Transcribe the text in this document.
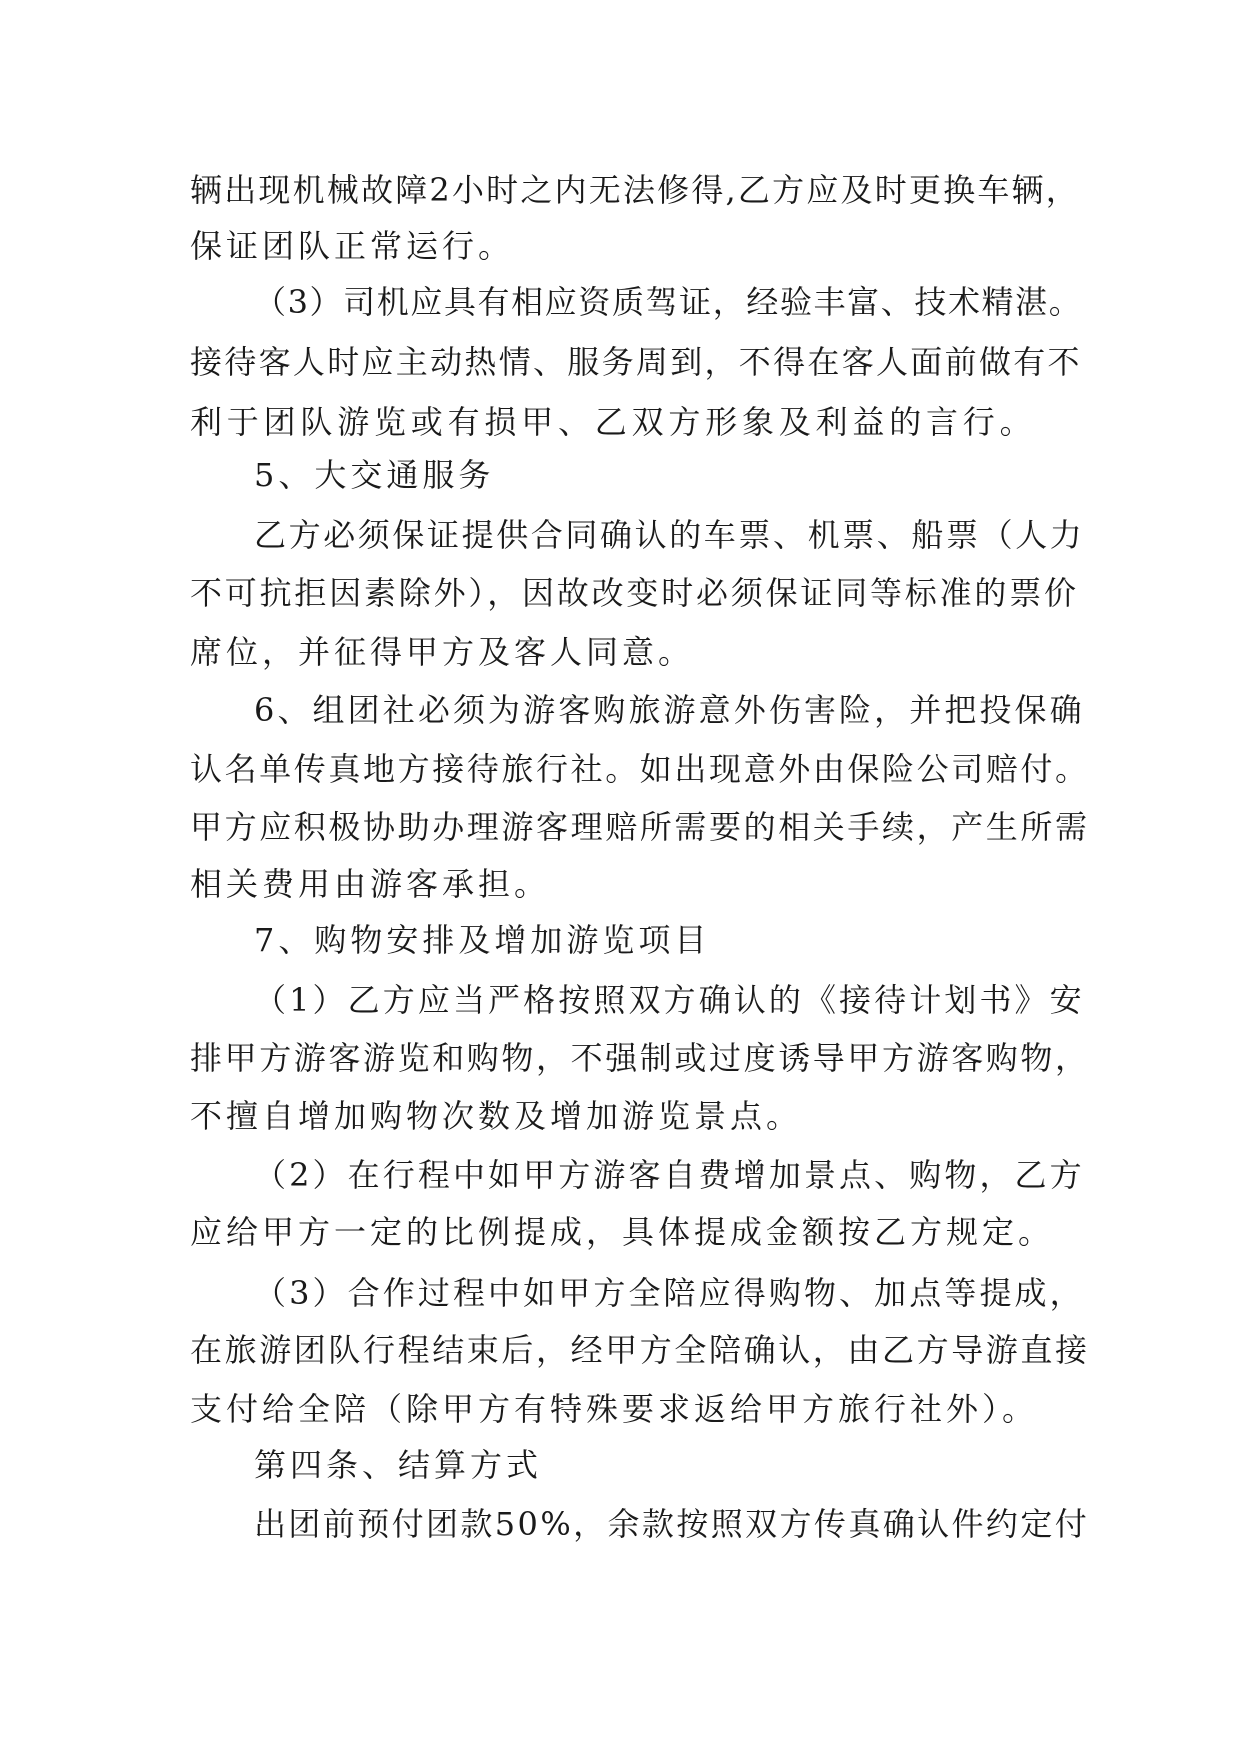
辆出现机械故障2小时之内无法修得,乙方应及时更换车辆，
保证团队正常运行。
（3）司机应具有相应资质驾证，经验丰富、技术精湛。
接待客人时应主动热情、服务周到，不得在客人面前做有不
利于团队游览或有损甲、乙双方形象及利益的言行。
5、大交通服务
乙方必须保证提供合同确认的车票、机票、船票（人力
不可抗拒因素除外），因故改变时必须保证同等标准的票价
席位，并征得甲方及客人同意。
6、组团社必须为游客购旅游意外伤害险，并把投保确
认名单传真地方接待旅行社。如出现意外由保险公司赔付。
甲方应积极协助办理游客理赔所需要的相关手续，产生所需
相关费用由游客承担。
7、购物安排及增加游览项目
（1）乙方应当严格按照双方确认的《接待计划书》安
排甲方游客游览和购物，不强制或过度诱导甲方游客购物，
不擅自增加购物次数及增加游览景点。
（2）在行程中如甲方游客自费增加景点、购物，乙方
应给甲方一定的比例提成，具体提成金额按乙方规定。
（3）合作过程中如甲方全陪应得购物、加点等提成，
在旅游团队行程结束后，经甲方全陪确认，由乙方导游直接
支付给全陪（除甲方有特殊要求返给甲方旅行社外）。
第四条、结算方式
出团前预付团款50%，余款按照双方传真确认件约定付
